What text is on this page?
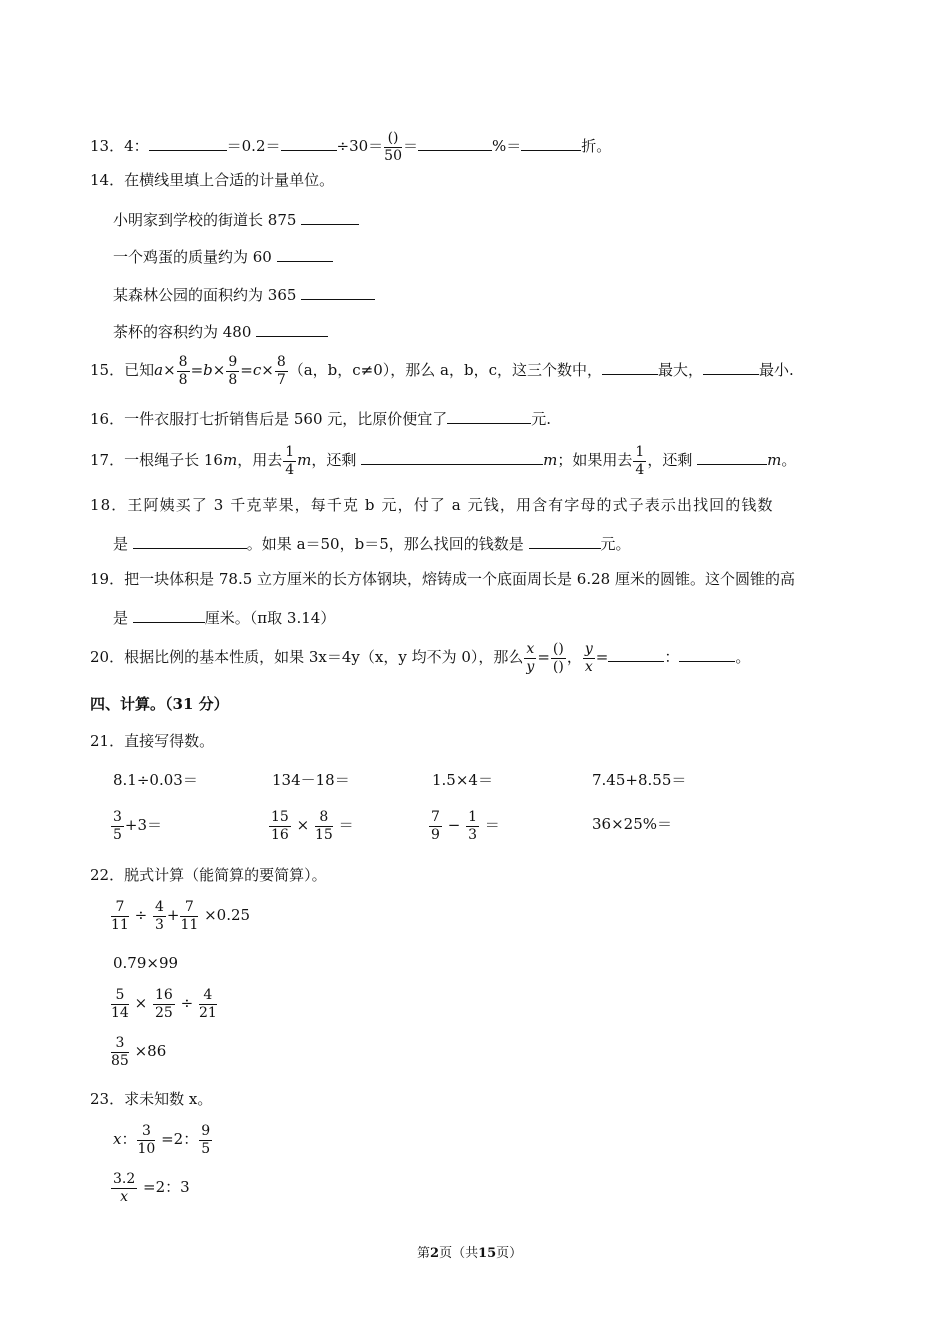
13．4：	＝0.2＝	÷30＝ ()
50
＝	%＝	折。
14．在横线里填上合适的计量单位。
小明家到学校的街道长 875
一个鸡蛋的质量约为 60
某森林公园的面积约为 365
茶杯的容积约为 480
15．已知$a\times \frac{8}{8} =b\times \frac{9}{8} =c\times \frac{8}{7} (a$，b，c≠0），那么 a，b，c，这三个数中，	最大，	最小.
16．一件衣服打七折销售后是 560 元，比原价便宜了	元.
17．一根绳子长 16m，用去 $\frac{1}{4}$ m，还剩	m；如果用去 $\frac{1}{4}$ ，还剩	m。
18．王阿姨买了 3 千克苹果，每千克 b 元，付了 a 元钱，用含有字母的式子表示出找回的钱数
是	。如果 a＝50，b＝5，那么找回的钱数是	元。
19．把一块体积是 78.5 立方厘米的长方体钢块，熔铸成一个底面周长是 6.28 厘米的圆锥。这个圆锥的高
是	厘米。（π取 3.14）
20．根据比例的基本性质，如果 3x＝4y（x，y 均不为 0），那么 $\frac{x}{y}$ = ()
()
， $\frac{y}{x}$ =	：	。
四、计算。（31 分）
21．直接写得数。
8.1÷0.03＝	134－18＝	1.5×4＝	7.45+8.55＝
$\frac{3}{5} +3=$	$\frac{15}{16} \times \frac{8}{15}$ ＝	$\frac{7}{9} - \frac{1}{3}$ ＝	36×25%＝
22．脱式计算（能简算的要简算）。
$\frac{7}{11} \div \frac{4}{3} + \frac{7}{11} \times 0.25$
0.79×99
$\frac{5}{14} \times \frac{16}{25} \div \frac{4}{21}$
$\frac{3}{85} \times 86$
23．求未知数 x。
x： $\frac{3}{10} =2$： $\frac{9}{5}$
$\frac{3.2}{x} =2$：3
第2页（共15页）
